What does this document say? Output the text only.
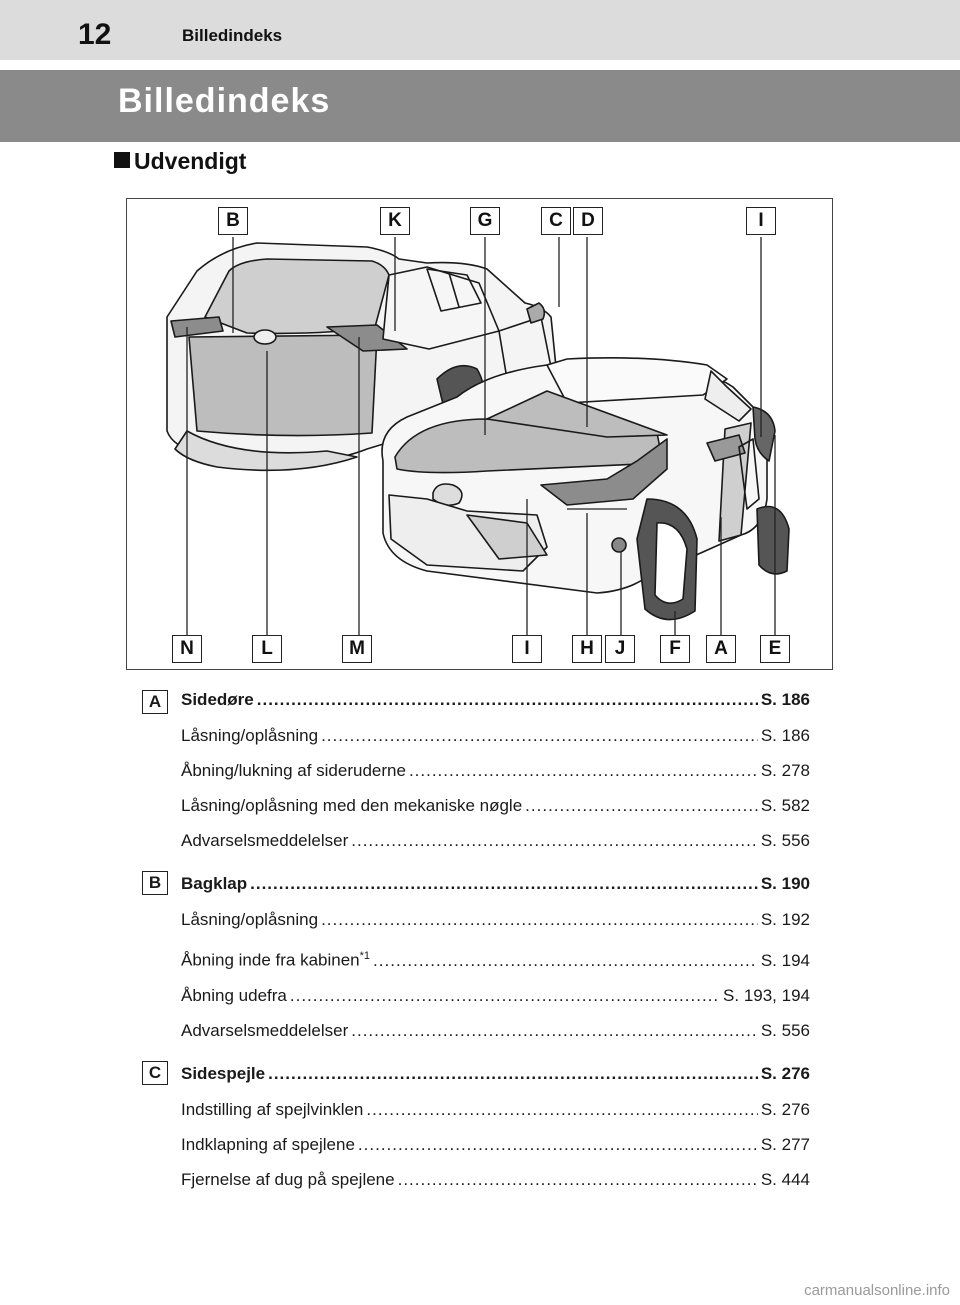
12	Billedindeks
Billedindeks
Udvendigt
B	K	G	C D	I
N	L	M	I	H	J	F	A	E
A	Sidedøre .....	S. 186
Låsning/oplåsning .....	S. 186
Åbning/lukning af sideruderne .....	S. 278
Låsning/oplåsning med den mekaniske nøgle .....	S. 582
Advarselsmeddelelser .....	S. 556
B	Bagklap .....	S. 190
Låsning/oplåsning .....	S. 192
Åbning inde fra kabinen$^{*1}$ .....	S. 194
Åbning udefra .....	S. 193, 194
Advarselsmeddelelser .....	S. 556
C	Sidespejle .....	S. 276
Indstilling af spejlvinklen .....	S. 276
Indklapning af spejlene .....	S. 277
Fjernelse af dug på spejlene .....	S. 444
carmanualsonline.info
